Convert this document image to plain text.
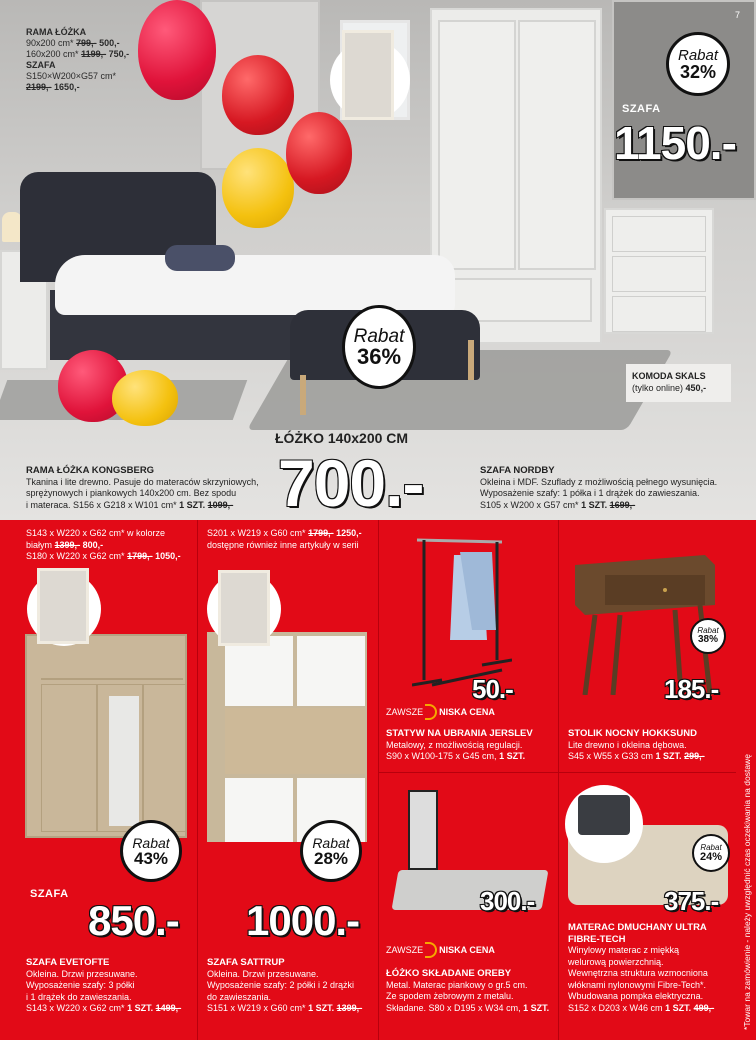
7
RAMA ŁÓŻKA
90x200 cm* 799,- 500,-
160x200 cm* 1199,- 750,-
SZAFA
S150×W200×G57 cm*
2199,- 1650,-
Rabat
32%
SZAFA
1150.-
KOMODA SKALS
(tylko online) 450,-
Rabat
36%
ŁÓŻKO 140x200 CM
700.-
RAMA ŁÓŻKA KONGSBERG
Tkanina i lite drewno. Pasuje do materaców skrzyniowych,
sprężynowych i piankowych 140x200 cm. Bez spodu
i materaca. S156 x G218 x W101 cm* 1 SZT. 1099,-
SZAFA NORDBY
Okleina i MDF. Szuflady z możliwością pełnego wysunięcia.
Wyposażenie szafy: 1 półka i 1 drążek do zawieszania.
S105 x W200 x G57 cm* 1 SZT. 1699,-
S143 x W220 x G62 cm* w kolorze
białym 1399,- 800,-
S180 x W220 x G62 cm* 1799,- 1050,-
Rabat
43%
SZAFA
850.-
SZAFA EVETOFTE
Okleina. Drzwi przesuwane.
Wyposażenie szafy: 3 półki
i 1 drążek do zawieszania.
S143 x W220 x G62 cm* 1 SZT. 1499,-
S201 x W219 x G60 cm* 1799,- 1250,-
dostępne również inne artykuły w serii
Rabat
28%
1000.-
SZAFA SATTRUP
Okleina. Drzwi przesuwane.
Wyposażenie szafy: 2 półki i 2 drążki
do zawieszania.
S151 x W219 x G60 cm* 1 SZT. 1399,-
50.-
ZAWSZE NISKA CENA
STATYW NA UBRANIA JERSLEV
Metalowy, z możliwością regulacji.
S90 x W100-175 x G45 cm, 1 SZT.
Rabat
38%
185.-
STOLIK NOCNY HOKKSUND
Lite drewno i okleina dębowa.
S45 x W55 x G33 cm 1 SZT. 299,-
300.-
ZAWSZE NISKA CENA
ŁÓŻKO SKŁADANE OREBY
Metal. Materac piankowy o gr.5 cm.
Ze spodem żebrowym z metalu.
Składane. S80 x D195 x W34 cm, 1 SZT.
Rabat
24%
375.-
MATERAC DMUCHANY ULTRA
FIBRE-TECH
Winylowy materac z miękką
welurową powierzchnią.
Wewnętrzna struktura wzmocniona
włóknami nylonowymi Fibre-Tech*.
Wbudowana pompka elektryczna.
S152 x D203 x W46 cm 1 SZT. 499,-	*Towar na zamówienie - należy uwzględnić czas oczekiwania na dostawę
